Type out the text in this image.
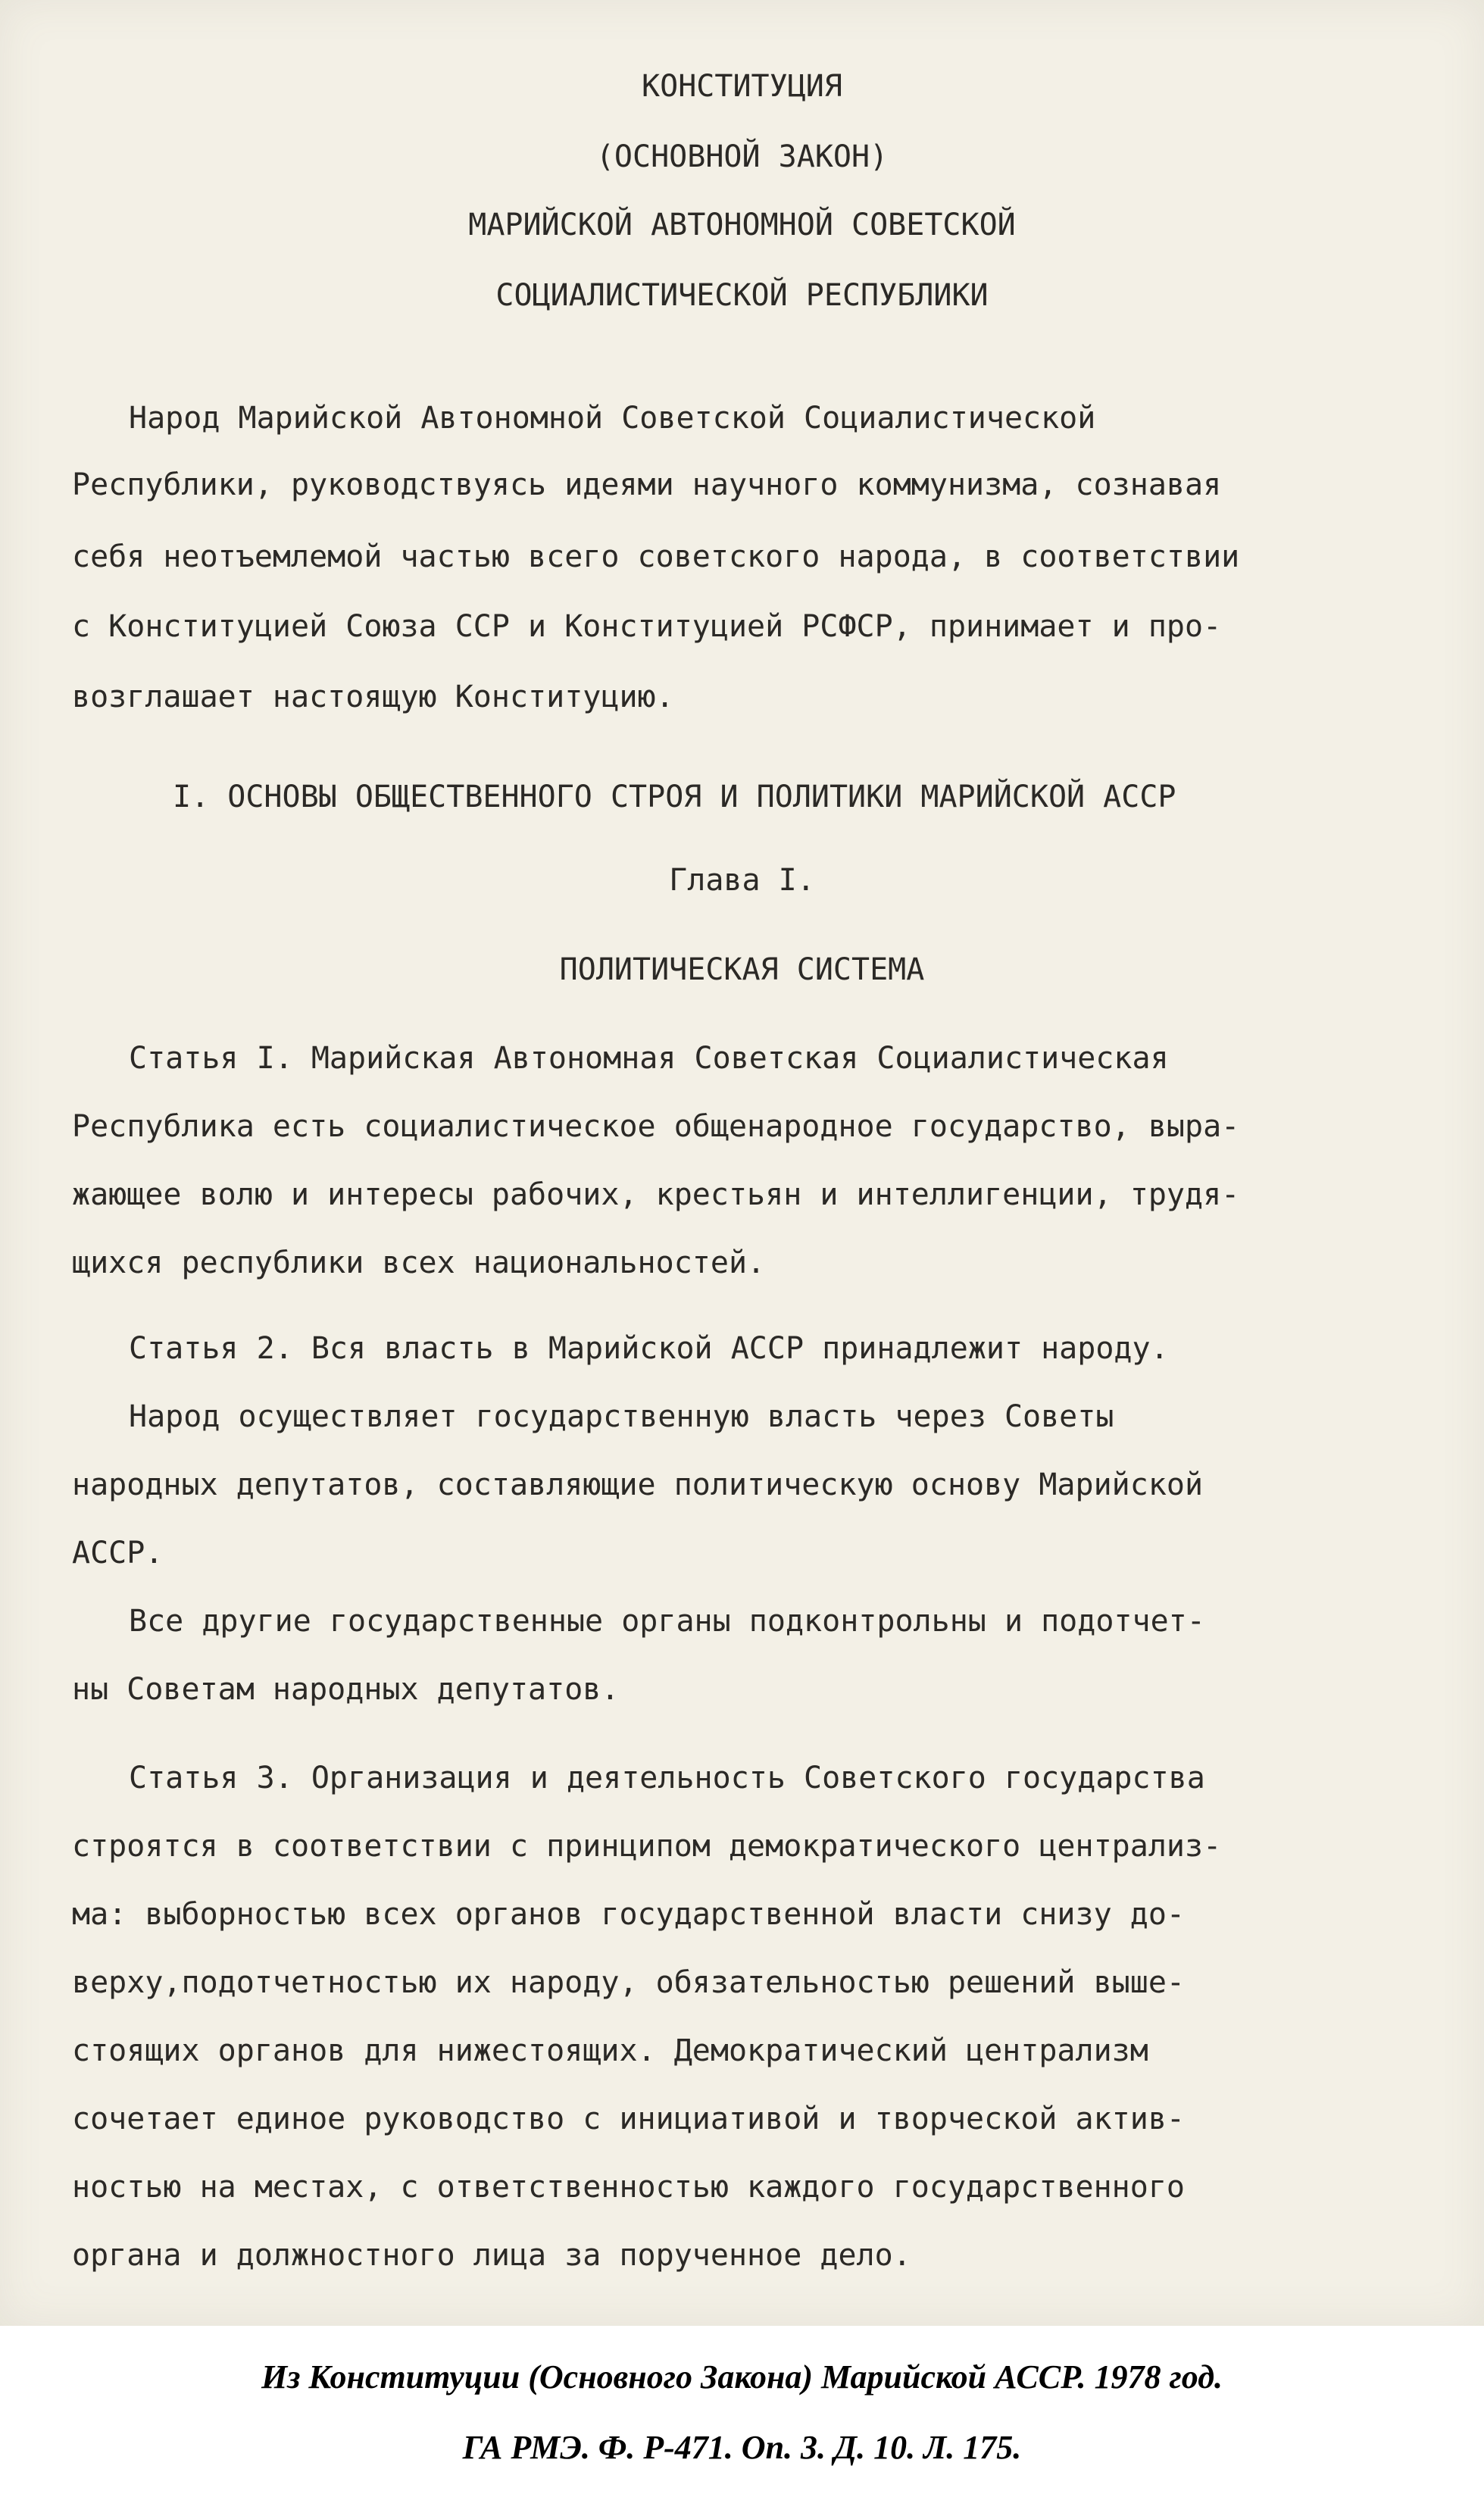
КОНСТИТУЦИЯ
(ОСНОВНОЙ ЗАКОН)
МАРИЙСКОЙ АВТОНОМНОЙ СОВЕТСКОЙ
СОЦИАЛИСТИЧЕСКОЙ РЕСПУБЛИКИ
Народ Марийской Автономной Советской Социалистической
Республики, руководствуясь идеями научного коммунизма, сознавая
себя неотъемлемой частью всего советского народа, в соответствии
с Конституцией Союза ССР и Конституцией РСФСР, принимает и про-
возглашает настоящую Конституцию.
I. ОСНОВЫ ОБЩЕСТВЕННОГО СТРОЯ И ПОЛИТИКИ МАРИЙСКОЙ АССР
Глава I.
ПОЛИТИЧЕСКАЯ СИСТЕМА
Статья I. Марийская Автономная Советская Социалистическая
Республика есть социалистическое общенародное государство, выра-
жающее волю и интересы рабочих, крестьян и интеллигенции, трудя-
щихся республики всех национальностей.
Статья 2. Вся власть в Марийской АССР принадлежит народу.
Народ осуществляет государственную власть через Советы
народных депутатов, составляющие политическую основу Марийской
АССР.
Все другие государственные органы подконтрольны и подотчет-
ны Советам народных депутатов.
Статья 3. Организация и деятельность Советского государства
строятся в соответствии с принципом демократического централиз-
ма: выборностью всех органов государственной власти снизу до-
верху,подотчетностью их народу, обязательностью решений выше-
стоящих органов для нижестоящих. Демократический централизм
сочетает единое руководство с инициативой и творческой актив-
ностью на местах, с ответственностью каждого государственного
органа и должностного лица за порученное дело.
Из Конституции (Основного Закона) Марийской АССР. 1978 год.
ГА РМЭ. Ф. Р-471. Оп. 3. Д. 10. Л. 175.
